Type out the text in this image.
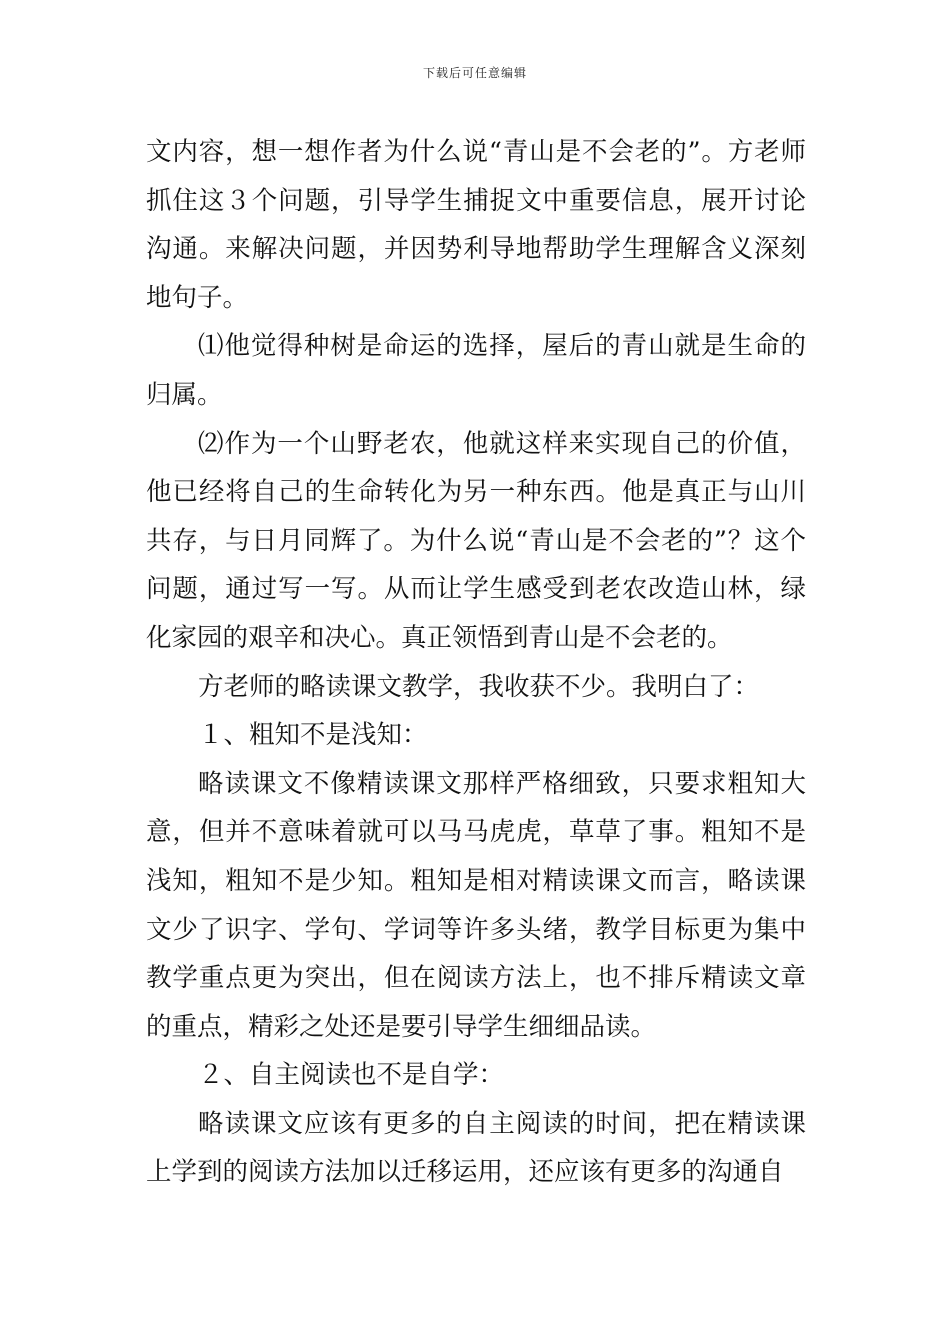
下载后可任意编辑

文内容，想一想作者为什么说“青山是不会老的”。方老师抓住这３个问题，引导学生捕捉文中重要信息，展开讨论沟通。来解决问题，并因势利导地帮助学生理解含义深刻地句子。

⑴他觉得种树是命运的选择，屋后的青山就是生命的归属。

⑵作为一个山野老农，他就这样来实现自己的价值，他已经将自己的生命转化为另一种东西。他是真正与山川共存，与日月同辉了。为什么说“青山是不会老的”？这个问题，通过写一写。从而让学生感受到老农改造山林，绿化家园的艰辛和决心。真正领悟到青山是不会老的。

方老师的略读课文教学，我收获不少。我明白了：

１、粗知不是浅知：

略读课文不像精读课文那样严格细致，只要求粗知大意，但并不意味着就可以马马虎虎，草草了事。粗知不是浅知，粗知不是少知。粗知是相对精读课文而言，略读课文少了识字、学句、学词等许多头绪，教学目标更为集中教学重点更为突出，但在阅读方法上，也不排斥精读文章的重点，精彩之处还是要引导学生细细品读。

２、自主阅读也不是自学：

略读课文应该有更多的自主阅读的时间，把在精读课上学到的阅读方法加以迁移运用，还应该有更多的沟通自
